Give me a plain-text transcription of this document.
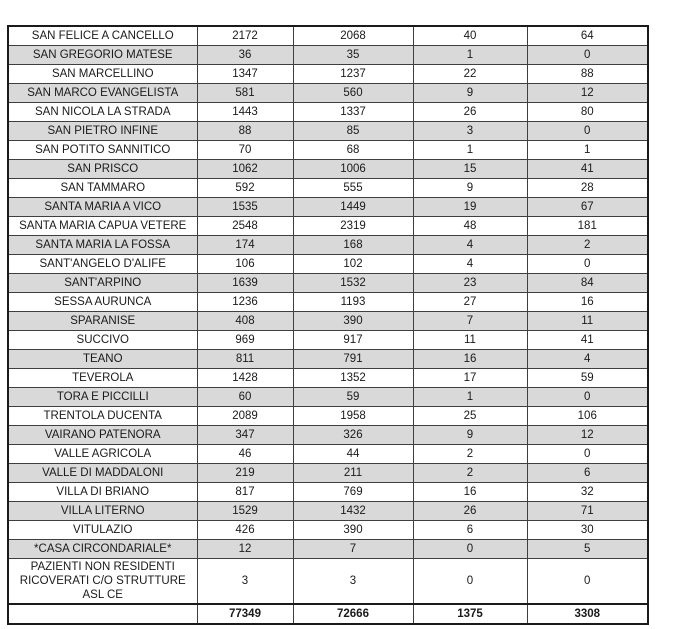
SAN FELICE A CANCELLO	2172	2068	40	64
SAN GREGORIO MATESE	36	35	1	0
SAN MARCELLINO	1347	1237	22	88
SAN MARCO EVANGELISTA	581	560	9	12
SAN NICOLA LA STRADA	1443	1337	26	80
SAN PIETRO INFINE	88	85	3	0
SAN POTITO SANNITICO	70	68	1	1
SAN PRISCO	1062	1006	15	41
SAN TAMMARO	592	555	9	28
SANTA MARIA A VICO	1535	1449	19	67
SANTA MARIA CAPUA VETERE	2548	2319	48	181
SANTA MARIA LA FOSSA	174	168	4	2
SANT'ANGELO D'ALIFE	106	102	4	0
SANT'ARPINO	1639	1532	23	84
SESSA AURUNCA	1236	1193	27	16
SPARANISE	408	390	7	11
SUCCIVO	969	917	11	41
TEANO	811	791	16	4
TEVEROLA	1428	1352	17	59
TORA E PICCILLI	60	59	1	0
TRENTOLA DUCENTA	2089	1958	25	106
VAIRANO PATENORA	347	326	9	12
VALLE AGRICOLA	46	44	2	0
VALLE DI MADDALONI	219	211	2	6
VILLA DI BRIANO	817	769	16	32
VILLA LITERNO	1529	1432	26	71
VITULAZIO	426	390	6	30
*CASA CIRCONDARIALE*	12	7	0	5
PAZIENTI NON RESIDENTI RICOVERATI C/O STRUTTURE ASL CE	3	3	0	0
	77349	72666	1375	3308
